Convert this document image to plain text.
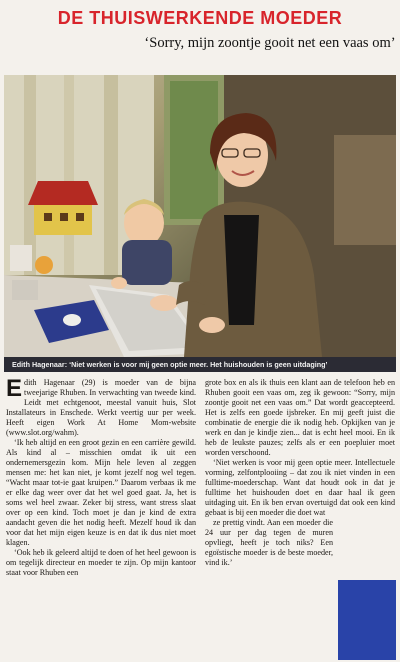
DE THUISWERKENDE MOEDER
‘Sorry, mijn zoontje gooit net een vaas om’
Edith Hagenaar: ‘Niet werken is voor mij geen optie meer. Het huishouden is geen uitdaging’

Edith Hagenaar (29) is moeder van de bijna tweejarige Rhuben. In verwachting van tweede kind. Leidt met echtgenoot, meestal vanuit huis, Slot Installateurs in Enschede. Werkt veertig uur per week. Heeft eigen Work At Home Mom-website (www.slot.org/wahm).

‘Ik heb altijd en een groot gezin en een carrière gewild. Als kind al – misschien omdat ik uit een ondernemersgezin kom. Mijn hele leven al zeggen mensen me: het kan niet, je komt jezelf nog wel tegen. “Wacht maar tot-ie gaat kruipen.” Daarom verbaas ik me er elke dag weer over dat het wel goed gaat. Ja, het is soms wel heel zwaar. Zeker bij stress, want stress slaat over op een kind. Toch moet je dan je kind de extra aandacht geven die het nodig heeft. Mezelf houd ik dan voor dat het mijn eigen keuze is en dat ik dus niet moet klagen.

‘Ook heb ik geleerd altijd te doen of het heel gewoon is om tegelijk directeur en moeder te zijn. Op mijn kantoor staat voor Rhuben een

grote box en als ik thuis een klant aan de telefoon heb en Rhuben gooit een vaas om, zeg ik gewoon: “Sorry, mijn zoontje gooit net een vaas om.” Dat wordt geaccepteerd. Het is zelfs een goede ijsbreker. En mij geeft juist die combinatie de energie die ik nodig heb. Opkijken van je werk en dan je kindje zien... dat is echt heel mooi. En ik heb de leukste pauzes; zelfs als er een poepluier moet worden verschoond.

‘Niet werken is voor mij geen optie meer. Intellectuele vorming, zelfontplooiing – dat zou ik niet vinden in een fulltime-moederschap. Want dat houdt ook in dat je fulltime het huishouden doet en daar haal ik geen uitdaging uit. En ik ben ervan overtuigd dat ook een kind gebaat is bij een moeder die doet wat

ze prettig vindt. Aan een moeder die 24 uur per dag tegen de muren opvliegt, heeft je toch niks? Een egoïstische moeder is de beste moeder, vind ik.’
